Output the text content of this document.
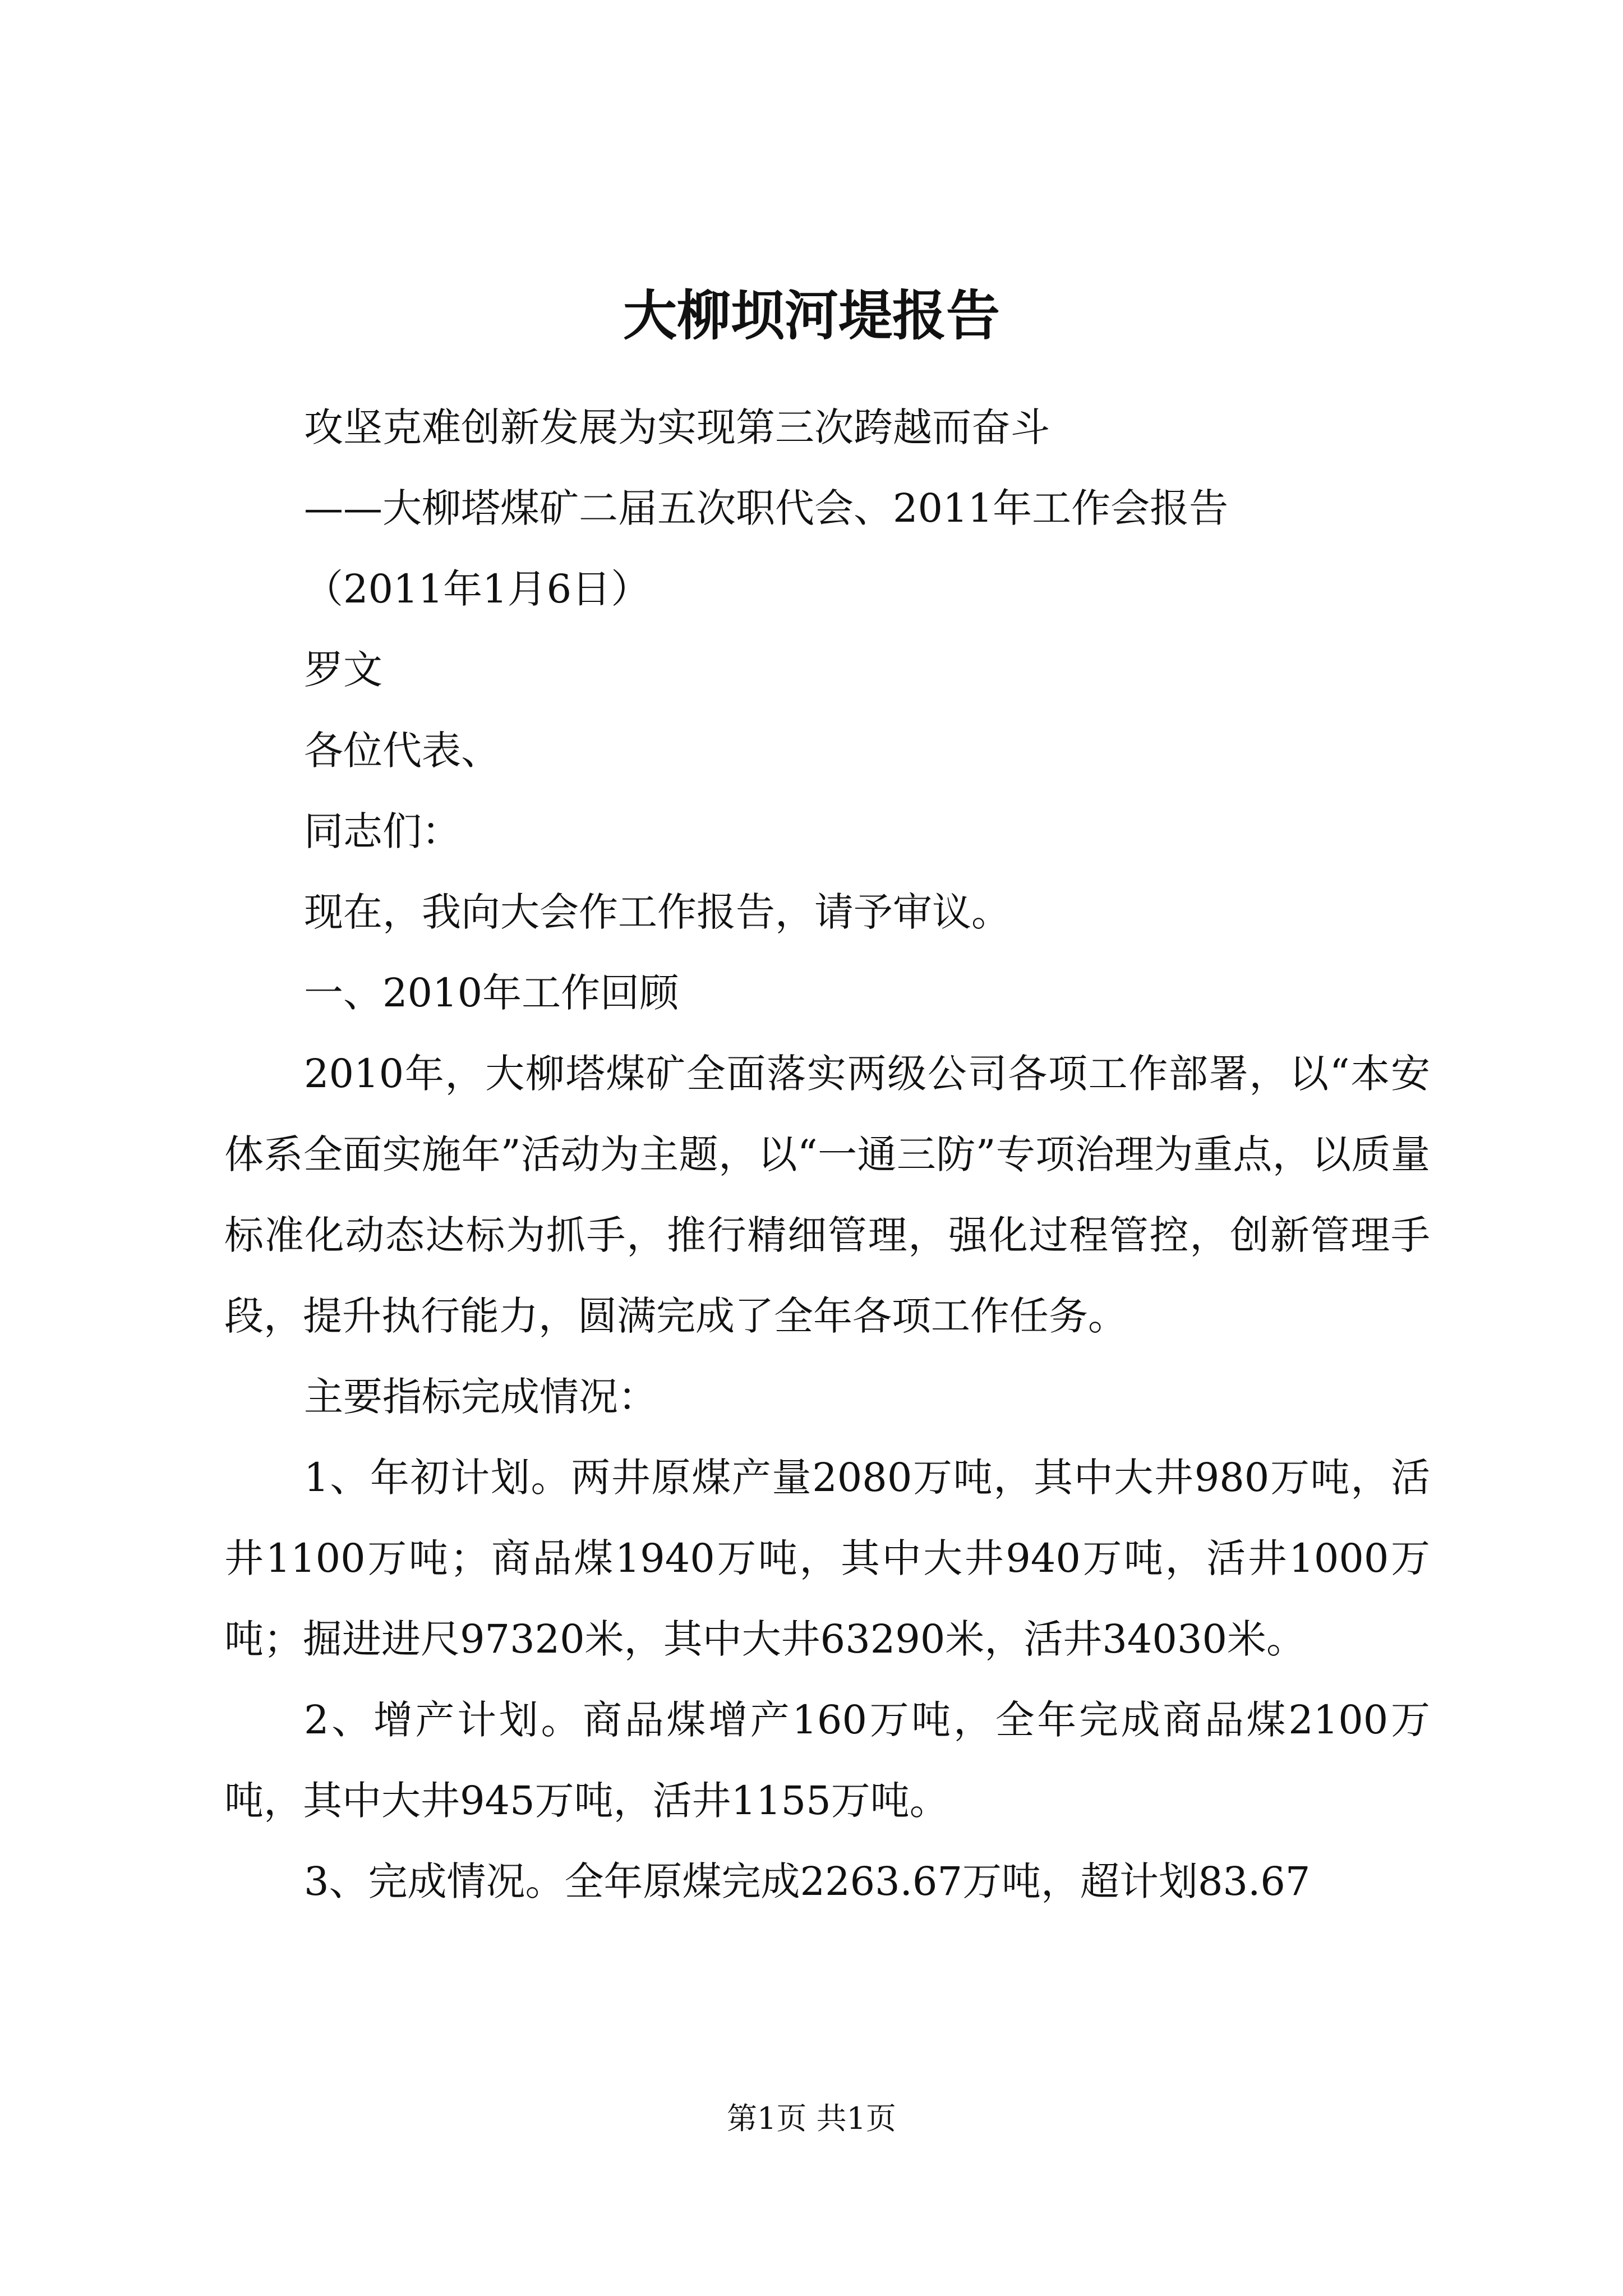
大柳坝河堤报告
攻坚克难创新发展为实现第三次跨越而奋斗
——大柳塔煤矿二届五次职代会、2011年工作会报告
（2011年1月6日）
罗文
各位代表、
同志们：
现在，我向大会作工作报告，请予审议。
一、2010年工作回顾
2010年，大柳塔煤矿全面落实两级公司各项工作部署，以“本安体系全面实施年”活动为主题，以“一通三防”专项治理为重点，以质量标准化动态达标为抓手，推行精细管理，强化过程管控，创新管理手段，提升执行能力，圆满完成了全年各项工作任务。
主要指标完成情况：
1、年初计划。两井原煤产量2080万吨，其中大井980万吨，活井1100万吨；商品煤1940万吨，其中大井940万吨，活井1000万吨；掘进进尺97320米，其中大井63290米，活井34030米。
2、增产计划。商品煤增产160万吨，全年完成商品煤2100万吨，其中大井945万吨，活井1155万吨。
3、完成情况。全年原煤完成2263.67万吨，超计划83.67
第1页 共1页
